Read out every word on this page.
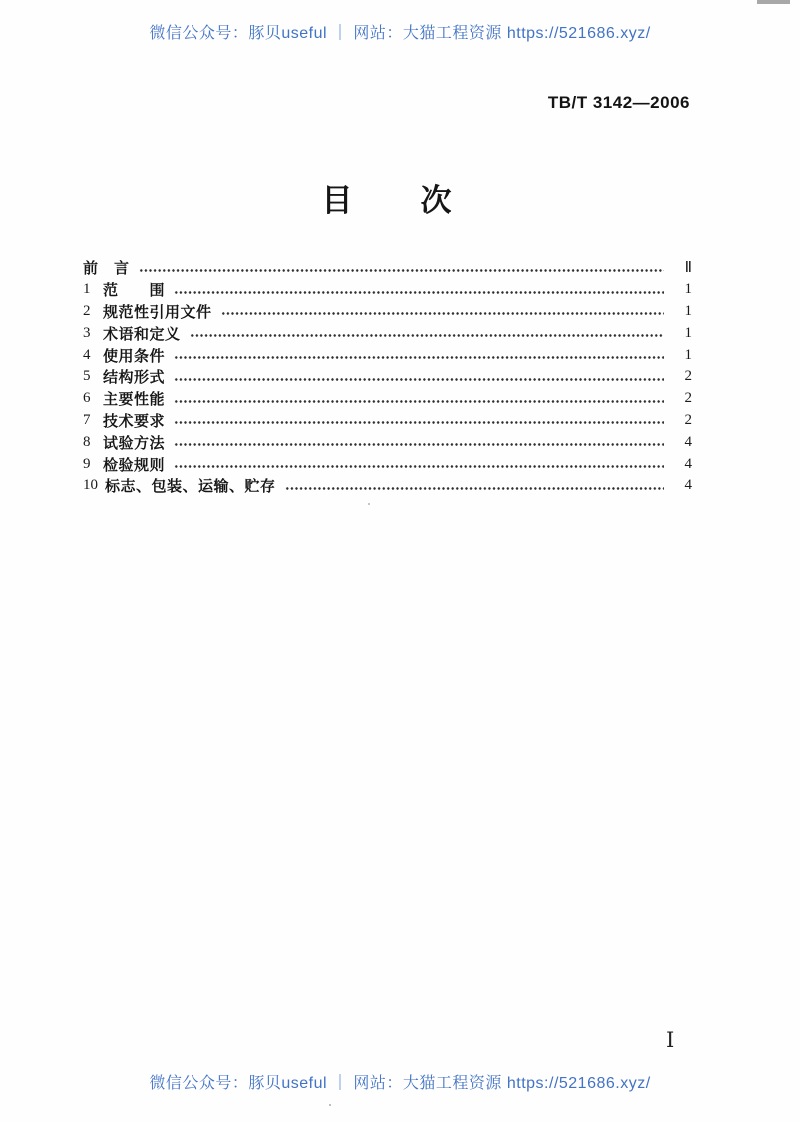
微信公众号：豚贝useful ｜ 网站：大猫工程资源 https://521686.xyz/
TB/T 3142—2006
目　　次
前　言	Ⅱ
1 范　　围	1
2 规范性引用文件	1
3 术语和定义	1
4 使用条件	1
5 结构形式	2
6 主要性能	2
7 技术要求	2
8 试验方法	4
9 检验规则	4
10 标志、包装、运输、贮存	4
I
微信公众号：豚贝useful ｜ 网站：大猫工程资源 https://521686.xyz/
